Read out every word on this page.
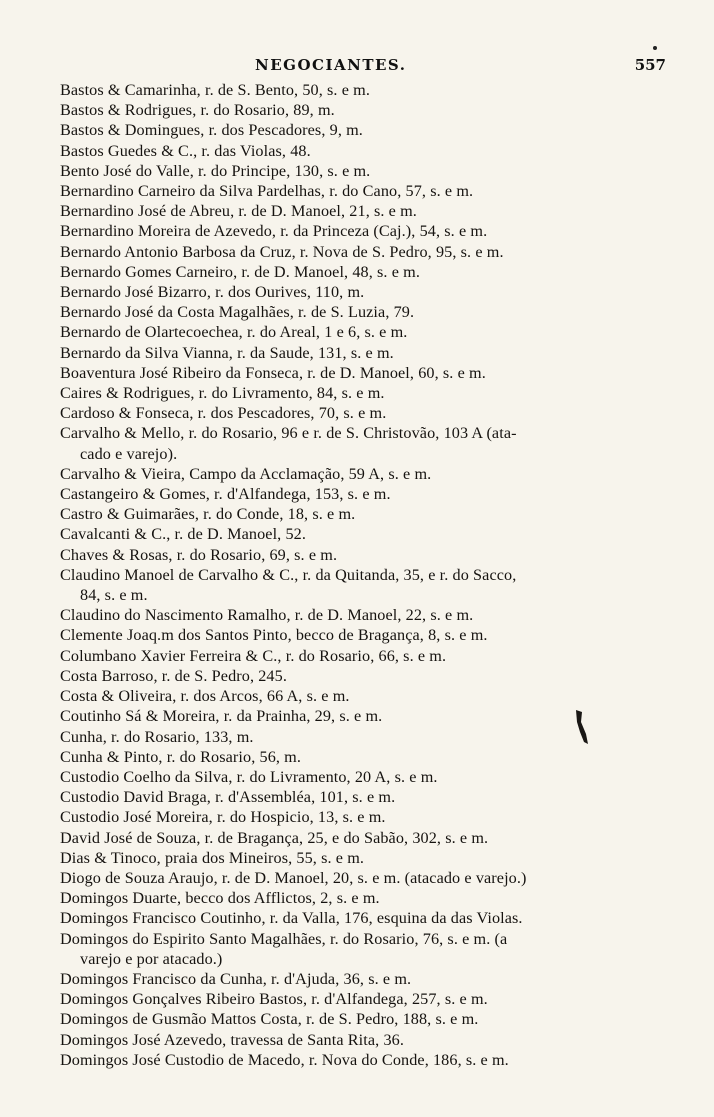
NEGOCIANTES.	557
Bastos & Camarinha, r. de S. Bento, 50, s. e m.
Bastos & Rodrigues, r. do Rosario, 89, m.
Bastos & Domingues, r. dos Pescadores, 9, m.
Bastos Guedes & C., r. das Violas, 48.
Bento José do Valle, r. do Principe, 130, s. e m.
Bernardino Carneiro da Silva Pardelhas, r. do Cano, 57, s. e m.
Bernardino José de Abreu, r. de D. Manoel, 21, s. e m.
Bernardino Moreira de Azevedo, r. da Princeza (Caj.), 54, s. e m.
Bernardo Antonio Barbosa da Cruz, r. Nova de S. Pedro, 95, s. e m.
Bernardo Gomes Carneiro, r. de D. Manoel, 48, s. e m.
Bernardo José Bizarro, r. dos Ourives, 110, m.
Bernardo José da Costa Magalhães, r. de S. Luzia, 79.
Bernardo de Olartecoechea, r. do Areal, 1 e 6, s. e m.
Bernardo da Silva Vianna, r. da Saude, 131, s. e m.
Boaventura José Ribeiro da Fonseca, r. de D. Manoel, 60, s. e m.
Caires & Rodrigues, r. do Livramento, 84, s. e m.
Cardoso & Fonseca, r. dos Pescadores, 70, s. e m.
Carvalho & Mello, r. do Rosario, 96 e r. de S. Christovão, 103 A (ata-
cado e varejo).
Carvalho & Vieira, Campo da Acclamação, 59 A, s. e m.
Castangeiro & Gomes, r. d'Alfandega, 153, s. e m.
Castro & Guimarães, r. do Conde, 18, s. e m.
Cavalcanti & C., r. de D. Manoel, 52.
Chaves & Rosas, r. do Rosario, 69, s. e m.
Claudino Manoel de Carvalho & C., r. da Quitanda, 35, e r. do Sacco,
84, s. e m.
Claudino do Nascimento Ramalho, r. de D. Manoel, 22, s. e m.
Clemente Joaq.m dos Santos Pinto, becco de Bragança, 8, s. e m.
Columbano Xavier Ferreira & C., r. do Rosario, 66, s. e m.
Costa Barroso, r. de S. Pedro, 245.
Costa & Oliveira, r. dos Arcos, 66 A, s. e m.
Coutinho Sá & Moreira, r. da Prainha, 29, s. e m.
Cunha, r. do Rosario, 133, m.
Cunha & Pinto, r. do Rosario, 56, m.
Custodio Coelho da Silva, r. do Livramento, 20 A, s. e m.
Custodio David Braga, r. d'Assembléa, 101, s. e m.
Custodio José Moreira, r. do Hospicio, 13, s. e m.
David José de Souza, r. de Bragança, 25, e do Sabão, 302, s. e m.
Dias & Tinoco, praia dos Mineiros, 55, s. e m.
Diogo de Souza Araujo, r. de D. Manoel, 20, s. e m. (atacado e varejo.)
Domingos Duarte, becco dos Afflictos, 2, s. e m.
Domingos Francisco Coutinho, r. da Valla, 176, esquina da das Violas.
Domingos do Espirito Santo Magalhães, r. do Rosario, 76, s. e m. (a
varejo e por atacado.)
Domingos Francisco da Cunha, r. d'Ajuda, 36, s. e m.
Domingos Gonçalves Ribeiro Bastos, r. d'Alfandega, 257, s. e m.
Domingos de Gusmão Mattos Costa, r. de S. Pedro, 188, s. e m.
Domingos José Azevedo, travessa de Santa Rita, 36.
Domingos José Custodio de Macedo, r. Nova do Conde, 186, s. e m.
